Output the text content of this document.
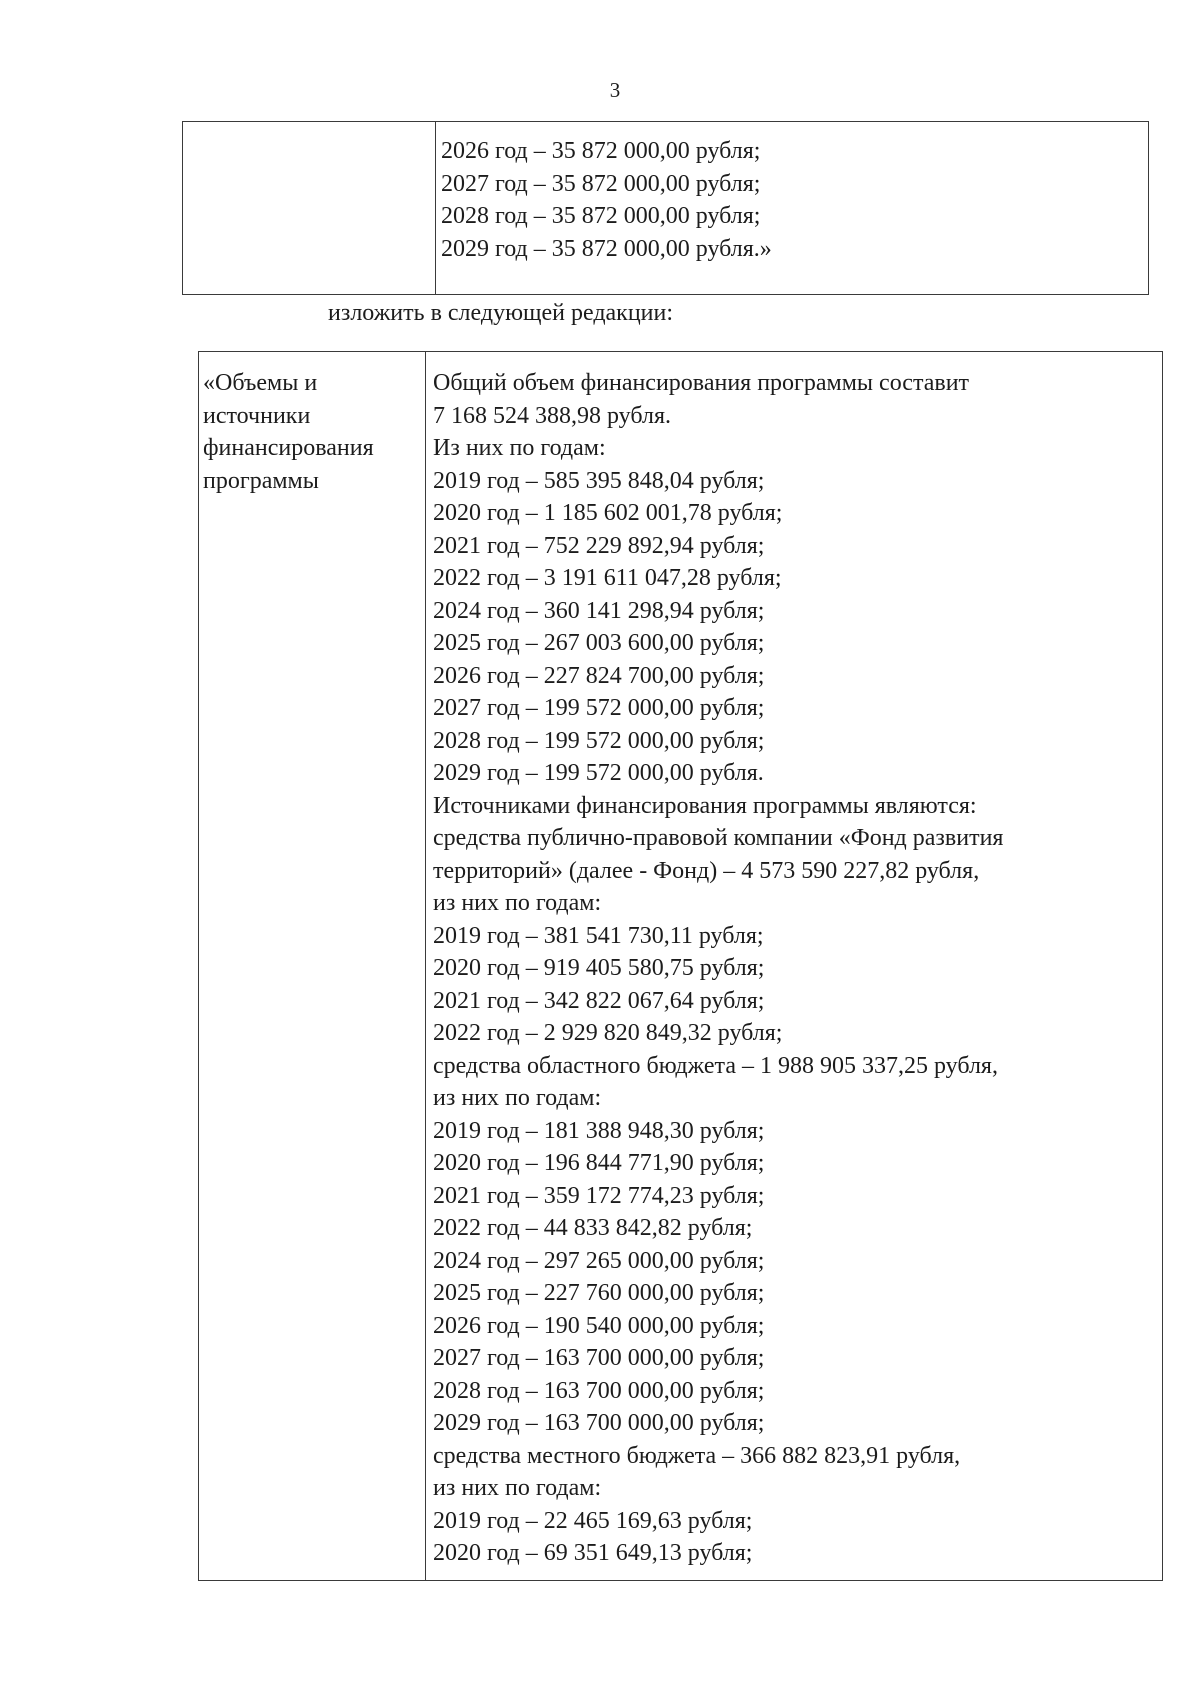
3
2026 год – 35 872 000,00 рубля;
2027 год – 35 872 000,00 рубля;
2028 год – 35 872 000,00 рубля;
2029 год – 35 872 000,00 рубля.»
изложить в следующей редакции:
«Объемы и
источники
финансирования
программы
Общий объем финансирования программы составит
7 168 524 388,98 рубля.
Из них по годам:
2019 год – 585 395 848,04 рубля;
2020 год – 1 185 602 001,78 рубля;
2021 год – 752 229 892,94 рубля;
2022 год – 3 191 611 047,28 рубля;
2024 год – 360 141 298,94 рубля;
2025 год – 267 003 600,00 рубля;
2026 год – 227 824 700,00 рубля;
2027 год – 199 572 000,00 рубля;
2028 год – 199 572 000,00 рубля;
2029 год – 199 572 000,00 рубля.
Источниками финансирования программы являются:
средства публично-правовой компании «Фонд развития
территорий» (далее - Фонд) – 4 573 590 227,82 рубля,
из них по годам:
2019 год – 381 541 730,11 рубля;
2020 год – 919 405 580,75 рубля;
2021 год – 342 822 067,64 рубля;
2022 год – 2 929 820 849,32 рубля;
средства областного бюджета – 1 988 905 337,25 рубля,
из них по годам:
2019 год – 181 388 948,30 рубля;
2020 год – 196 844 771,90 рубля;
2021 год – 359 172 774,23 рубля;
2022 год – 44 833 842,82 рубля;
2024 год – 297 265 000,00 рубля;
2025 год – 227 760 000,00 рубля;
2026 год – 190 540 000,00 рубля;
2027 год – 163 700 000,00 рубля;
2028 год – 163 700 000,00 рубля;
2029 год – 163 700 000,00 рубля;
средства местного бюджета – 366 882 823,91 рубля,
из них по годам:
2019 год – 22 465 169,63 рубля;
2020 год – 69 351 649,13 рубля;
